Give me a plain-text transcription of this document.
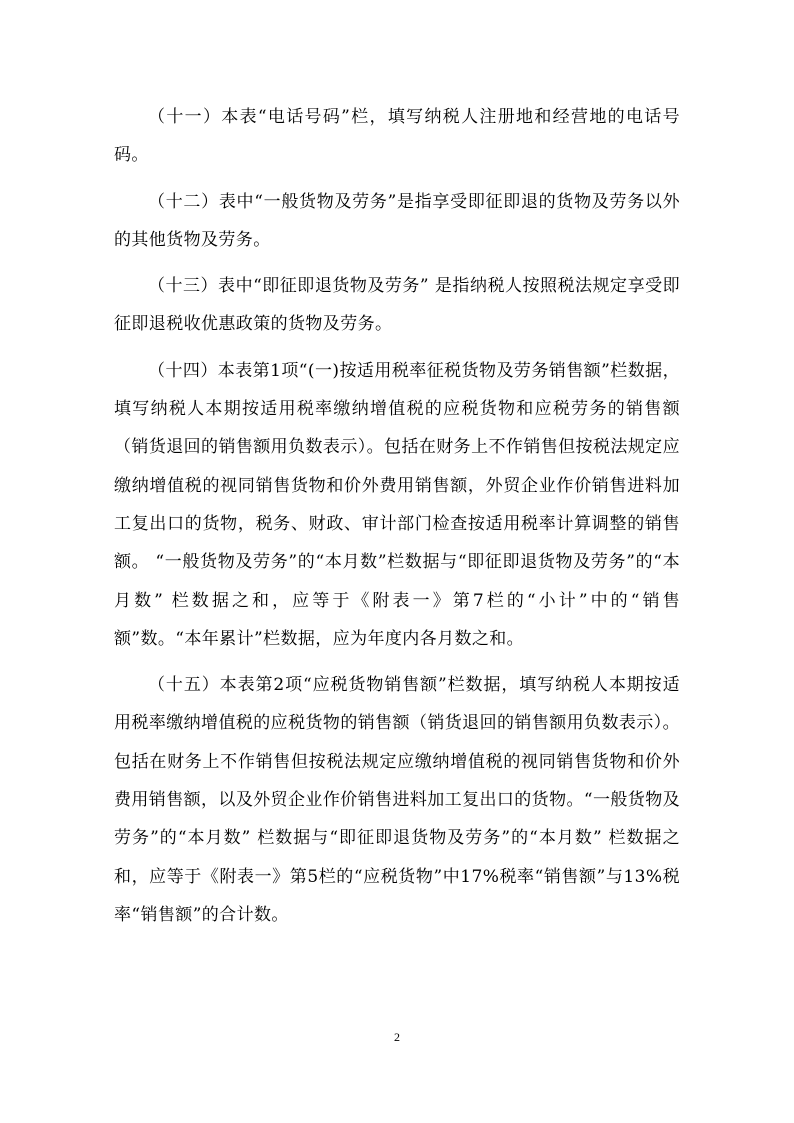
（十一）本表“电话号码”栏，填写纳税人注册地和经营地的电话号码。

（十二）表中“一般货物及劳务”是指享受即征即退的货物及劳务以外的其他货物及劳务。

（十三）表中“即征即退货物及劳务” 是指纳税人按照税法规定享受即征即退税收优惠政策的货物及劳务。

（十四）本表第1项“(一)按适用税率征税货物及劳务销售额”栏数据，填写纳税人本期按适用税率缴纳增值税的应税货物和应税劳务的销售额（销货退回的销售额用负数表示）。包括在财务上不作销售但按税法规定应缴纳增值税的视同销售货物和价外费用销售额，外贸企业作价销售进料加工复出口的货物，税务、财政、审计部门检查按适用税率计算调整的销售额。 “一般货物及劳务”的“本月数”栏数据与“即征即退货物及劳务”的“本月数” 栏数据之和，应等于《附表一》第7栏的“小计”中的“销售额”数。“本年累计”栏数据，应为年度内各月数之和。

（十五）本表第2项“应税货物销售额”栏数据，填写纳税人本期按适用税率缴纳增值税的应税货物的销售额（销货退回的销售额用负数表示）。包括在财务上不作销售但按税法规定应缴纳增值税的视同销售货物和价外费用销售额，以及外贸企业作价销售进料加工复出口的货物。“一般货物及劳务”的“本月数” 栏数据与“即征即退货物及劳务”的“本月数” 栏数据之和，应等于《附表一》第5栏的“应税货物”中17%税率“销售额”与13%税率“销售额”的合计数。

2
